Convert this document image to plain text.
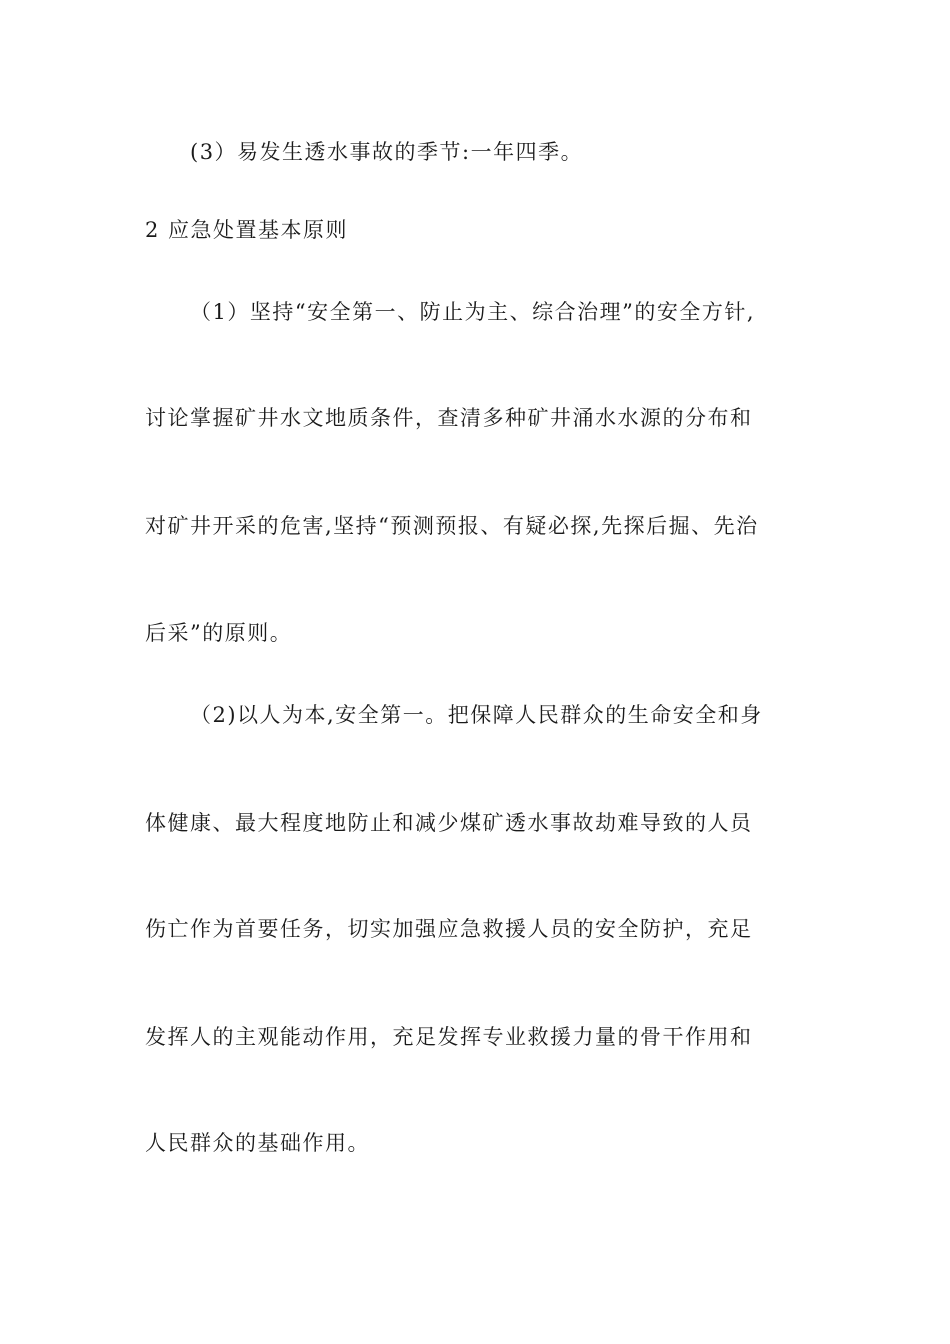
(3）易发生透水事故的季节:一年四季。
2 应急处置基本原则
（1）坚持“安全第一、防止为主、综合治理”的安全方针,
讨论掌握矿井水文地质条件，查清多种矿井涌水水源的分布和
对矿井开采的危害,坚持“预测预报、有疑必探,先探后掘、先治
后采”的原则。
（2)以人为本,安全第一。把保障人民群众的生命安全和身
体健康、最大程度地防止和减少煤矿透水事故劫难导致的人员
伤亡作为首要任务，切实加强应急救援人员的安全防护，充足
发挥人的主观能动作用，充足发挥专业救援力量的骨干作用和
人民群众的基础作用。
